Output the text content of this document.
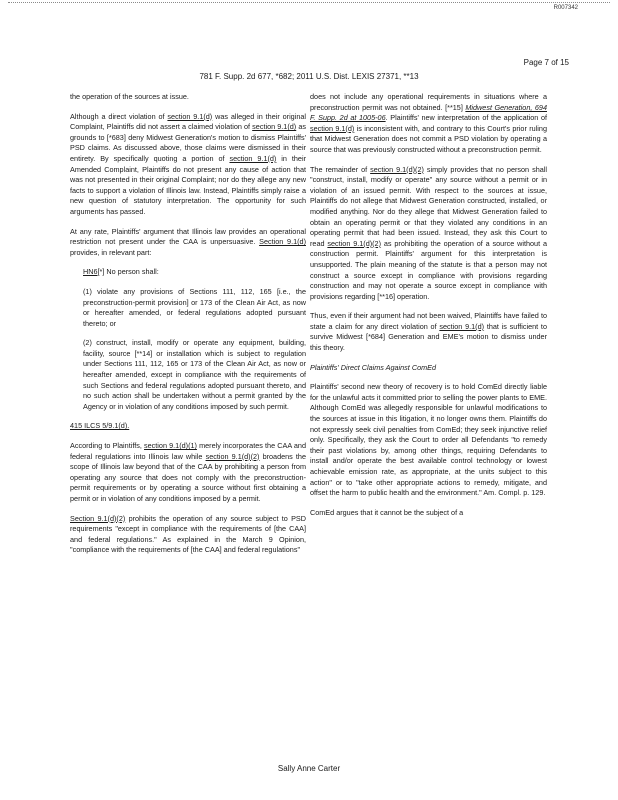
R007342
Page 7 of 15
781 F. Supp. 2d 677, *682; 2011 U.S. Dist. LEXIS 27371, **13

the operation of the sources at issue.

Although a direct violation of section 9.1(d) was alleged in their original Complaint, Plaintiffs did not assert a claimed violation of section 9.1(d) as grounds to [*683] deny Midwest Generation's motion to dismiss Plaintiffs' PSD claims. As discussed above, those claims were dismissed in their entirety. By specifically quoting a portion of section 9.1(d) in their Amended Complaint, Plaintiffs do not present any cause of action that was not presented in their original Complaint; nor do they allege any new facts to support a violation of Illinois law. Instead, Plaintiffs simply raise a new question of statutory interpretation. The opportunity for such arguments has passed.

At any rate, Plaintiffs' argument that Illinois law provides an operational restriction not present under the CAA is unpersuasive. Section 9.1(d) provides, in relevant part:

HN6[*] No person shall:

(1) violate any provisions of Sections 111, 112, 165 [i.e., the preconstruction-permit provision] or 173 of the Clean Air Act, as now or hereafter amended, or federal regulations adopted pursuant thereto; or

(2) construct, install, modify or operate any equipment, building, facility, source [**14] or installation which is subject to regulation under Sections 111, 112, 165 or 173 of the Clean Air Act, as now or hereafter amended, except in compliance with the requirements of such Sections and federal regulations adopted pursuant thereto, and no such action shall be undertaken without a permit granted by the Agency or in violation of any conditions imposed by such permit.

415 ILCS 5/9.1(d).

According to Plaintiffs, section 9.1(d)(1) merely incorporates the CAA and federal regulations into Illinois law while section 9.1(d)(2) broadens the scope of Illinois law beyond that of the CAA by prohibiting a person from operating any source that does not comply with the preconstruction-permit requirements or by operating a source without first obtaining a permit or in violation of any conditions imposed by a permit.

Section 9.1(d)(2) prohibits the operation of any source subject to PSD requirements "except in compliance with the requirements of [the CAA] and federal regulations." As explained in the March 9 Opinion, "compliance with the requirements of [the CAA] and federal regulations"

does not include any operational requirements in situations where a preconstruction permit was not obtained. [**15] Midwest Generation, 694 F. Supp. 2d at 1005-06. Plaintiffs' new interpretation of the application of section 9.1(d) is inconsistent with, and contrary to this Court's prior ruling that Midwest Generation does not commit a PSD violation by operating a source that was previously constructed without a preconstruction permit.

The remainder of section 9.1(d)(2) simply provides that no person shall "construct, install, modify or operate" any source without a permit or in violation of an issued permit. With respect to the sources at issue, Plaintiffs do not allege that Midwest Generation constructed, installed, or modified anything. Nor do they allege that Midwest Generation failed to obtain an operating permit or that they violated any conditions in an operating permit that had been issued. Instead, they ask this Court to read section 9.1(d)(2) as prohibiting the operation of a source without a construction permit. Plaintiffs' argument for this interpretation is unsupported. The plain meaning of the statute is that a person may not construct a source except in compliance with provisions regarding construction and may not operate a source except in compliance with provisions regarding [**16] operation.

Thus, even if their argument had not been waived, Plaintiffs have failed to state a claim for any direct violation of section 9.1(d) that is sufficient to survive Midwest [*684] Generation and EME's motion to dismiss under this theory.

Plaintiffs' Direct Claims Against ComEd

Plaintiffs' second new theory of recovery is to hold ComEd directly liable for the unlawful acts it committed prior to selling the power plants to EME. Although ComEd was allegedly responsible for unlawful modifications to the sources at issue in this litigation, it no longer owns them. Plaintiffs do not expressly seek civil penalties from ComEd; they seek injunctive relief only. Specifically, they ask the Court to order all Defendants "to remedy their past violations by, among other things, requiring Defendants to install and/or operate the best available control technology or lowest achievable emission rate, as appropriate, at the units subject to this action" or to "take other appropriate actions to remedy, mitigate, and offset the harm to public health and the environment." Am. Compl. p. 129.

ComEd argues that it cannot be the subject of a

Sally Anne Carter
